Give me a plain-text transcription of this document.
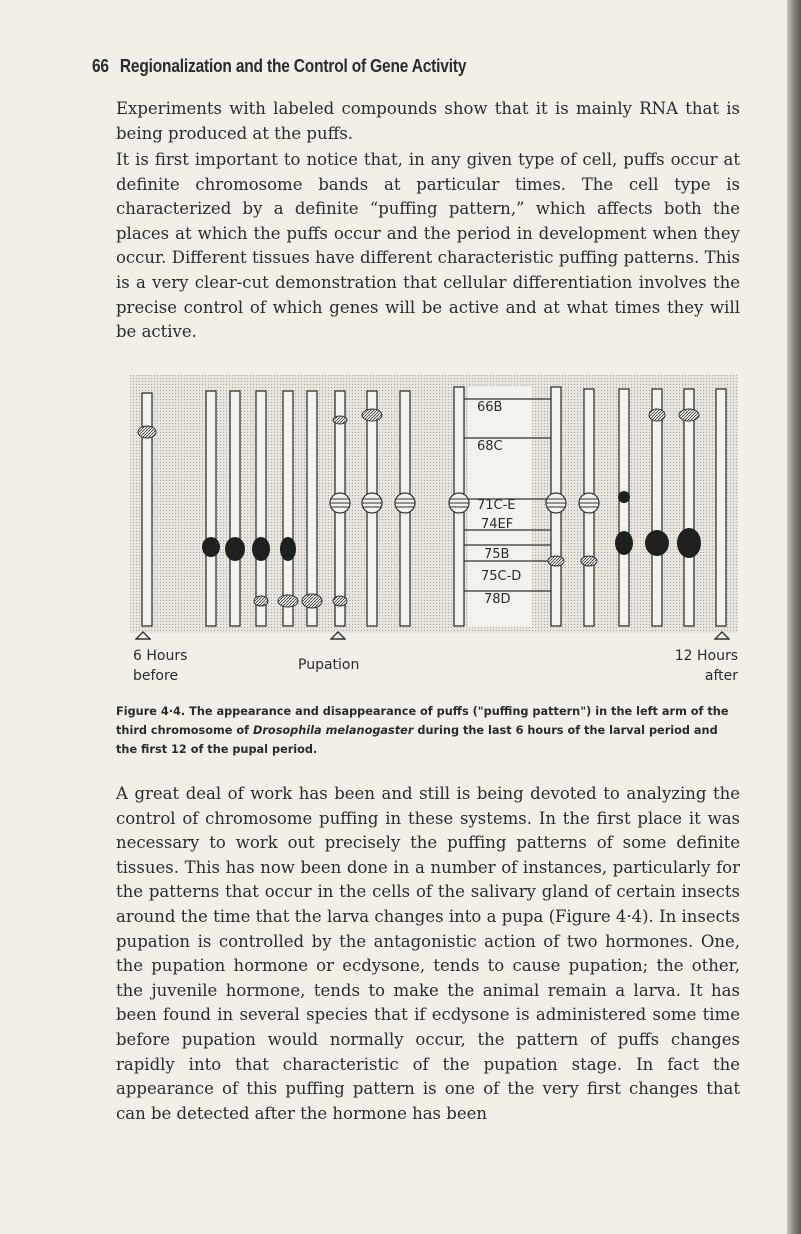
66 Regionalization and the Control of Gene Activity
Experiments with labeled compounds show that it is mainly RNA that is being produced at the puffs.
It is first important to notice that, in any given type of cell, puffs occur at definite chromosome bands at particular times. The cell type is characterized by a definite “puffing pattern,” which affects both the places at which the puffs occur and the period in development when they occur. Different tissues have different characteristic puffing patterns. This is a very clear-cut demonstration that cellular differentiation involves the precise control of which genes will be active and at what times they will be active.
66B
68C
71C-E
74EF
75B
75C-D
78D
6 Hours
before
Pupation
12 Hours
after
Figure 4·4. The appearance and disappearance of puffs ("puffing pattern") in the left arm of the third chromosome of Drosophila melanogaster during the last 6 hours of the larval period and the first 12 of the pupal period.
A great deal of work has been and still is being devoted to analyzing the control of chromosome puffing in these systems. In the first place it was necessary to work out precisely the puffing patterns of some definite tissues. This has now been done in a number of instances, particularly for the patterns that occur in the cells of the salivary gland of certain insects around the time that the larva changes into a pupa (Figure 4·4). In insects pupation is controlled by the antagonistic action of two hormones. One, the pupation hormone or ecdysone, tends to cause pupation; the other, the juvenile hormone, tends to make the animal remain a larva. It has been found in several species that if ecdysone is administered some time before pupation would normally occur, the pattern of puffs changes rapidly into that characteristic of the pupation stage. In fact the appearance of this puffing pattern is one of the very first changes that can be detected after the hormone has been
